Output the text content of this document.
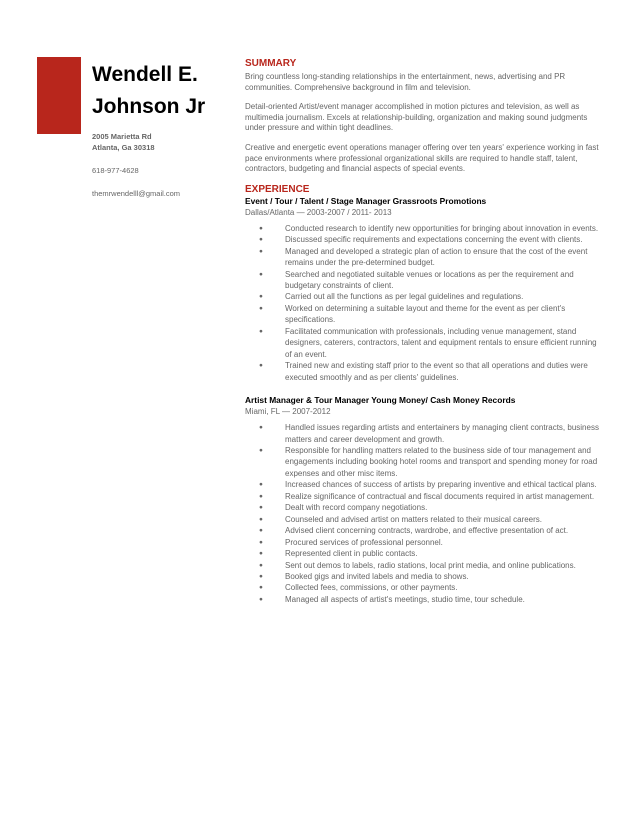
Wendell E.
Johnson Jr
2005 Marietta Rd
Atlanta, Ga 30318
618-977-4628
themrwendelll@gmail.com
SUMMARY
Bring countless long-standing relationships in the entertainment, news, advertising and PR communities. Comprehensive background in film and television.
Detail-oriented Artist/event manager accomplished in motion pictures and television, as well as multimedia journalism. Excels at relationship-building, organization and making sound judgments under pressure and within tight deadlines.
Creative and energetic event operations manager offering over ten years' experience working in fast pace environments where professional organizational skills are required to handle staff, talent, contractors, budgeting and financial aspects of special events.
EXPERIENCE
Event / Tour / Talent / Stage Manager Grassroots Promotions
Dallas/Atlanta — 2003-2007 / 2011- 2013
● Conducted research to identify new opportunities for bringing about innovation in events.
● Discussed specific requirements and expectations concerning the event with clients.
● Managed and developed a strategic plan of action to ensure that the cost of the event remains under the pre-determined budget.
● Searched and negotiated suitable venues or locations as per the requirement and budgetary constraints of client.
● Carried out all the functions as per legal guidelines and regulations.
● Worked on determining a suitable layout and theme for the event as per client's specifications.
● Facilitated communication with professionals, including venue management, stand designers, caterers, contractors, talent and equipment rentals to ensure efficient running of an event.
● Trained new and existing staff prior to the event so that all operations and duties were executed smoothly and as per clients' guidelines.
Artist Manager & Tour Manager Young Money/ Cash Money Records
Miami, FL — 2007-2012
● Handled issues regarding artists and entertainers by managing client contracts, business matters and career development and growth.
● Responsible for handling matters related to the business side of tour management and engagements including booking hotel rooms and transport and spending money for road expenses and other misc items.
● Increased chances of success of artists by preparing inventive and ethical tactical plans.
● Realize significance of contractual and fiscal documents required in artist management.
● Dealt with record company negotiations.
● Counseled and advised artist on matters related to their musical careers.
● Advised client concerning contracts, wardrobe, and effective presentation of act.
● Procured services of professional personnel.
● Represented client in public contacts.
● Sent out demos to labels, radio stations, local print media, and online publications.
● Booked gigs and invited labels and media to shows.
● Collected fees, commissions, or other payments.
● Managed all aspects of artist's meetings, studio time, tour schedule.
